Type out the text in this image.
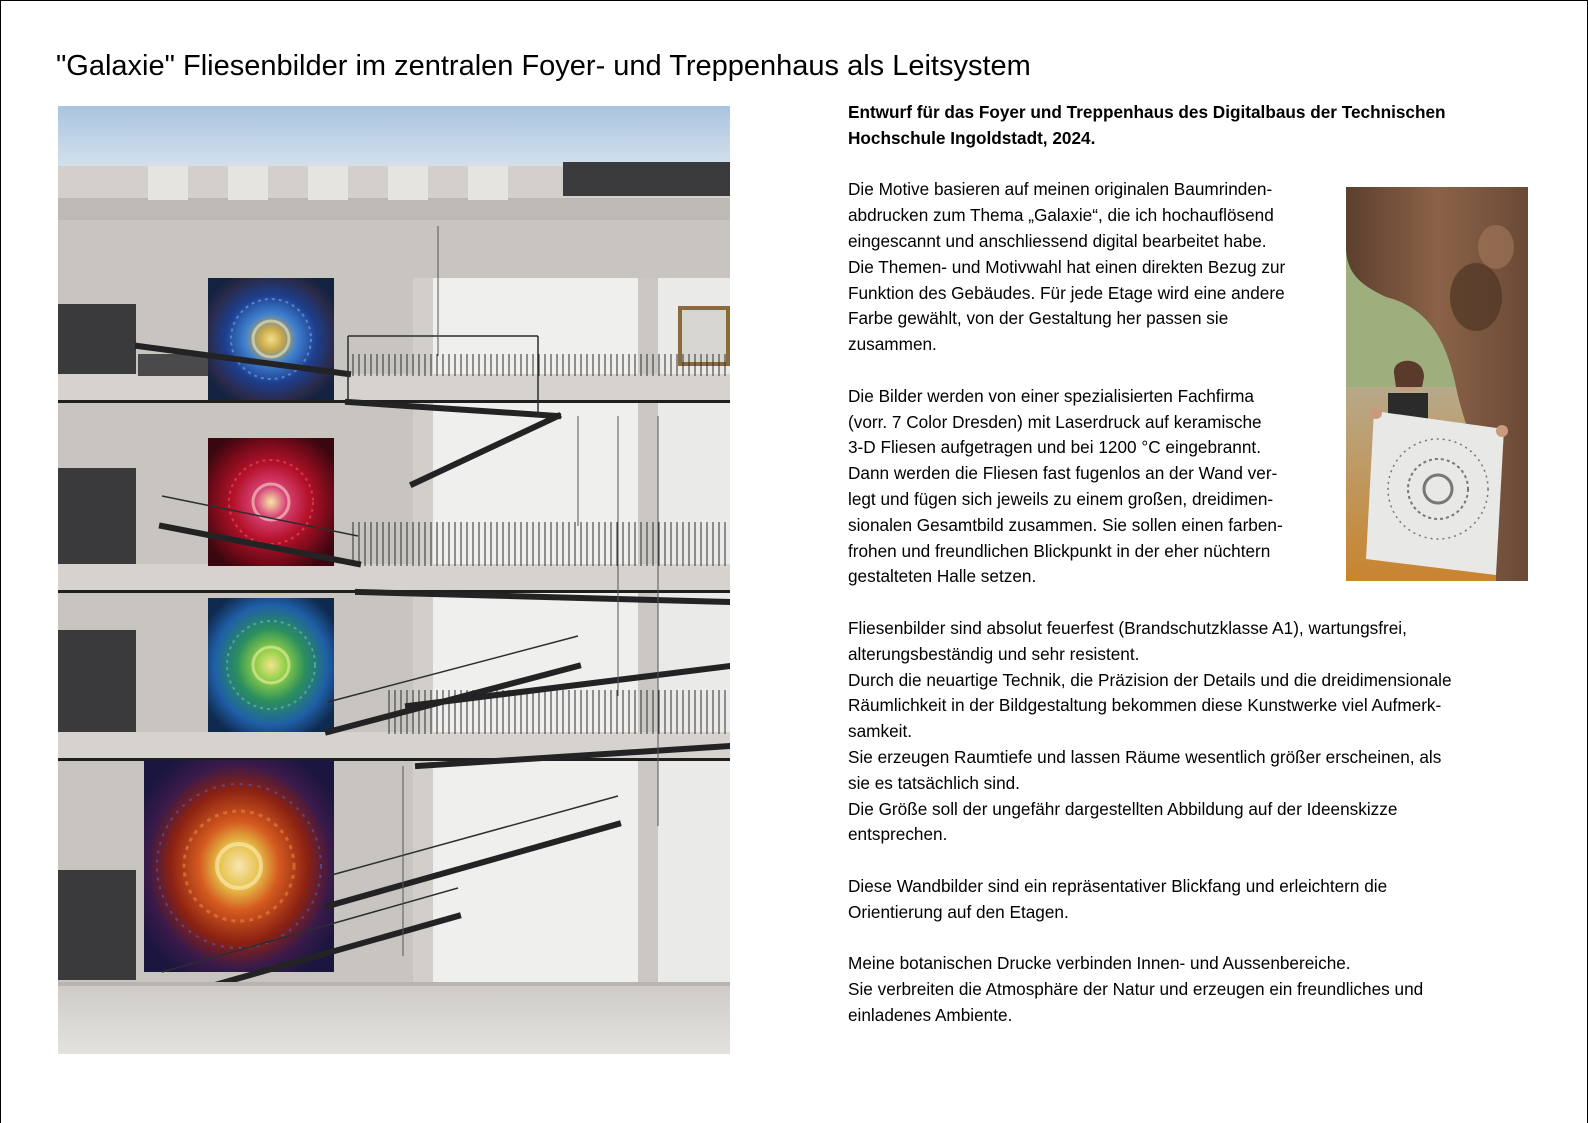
"Galaxie" Fliesenbilder im zentralen Foyer- und Treppenhaus als Leitsystem
Entwurf für das Foyer und Treppenhaus des Digitalbaus der Technischen
Hochschule Ingoldstadt, 2024.
Die Motive basieren auf meinen originalen Baumrinden-
abdrucken zum Thema „Galaxie“, die ich hochauflösend
eingescannt und anschliessend digital bearbeitet habe.
Die Themen- und Motivwahl hat einen direkten Bezug zur
Funktion des Gebäudes. Für jede Etage wird eine andere
Farbe gewählt, von der Gestaltung her passen sie
zusammen.
Die Bilder werden von einer spezialisierten Fachfirma
(vorr. 7 Color Dresden) mit Laserdruck auf keramische
3-D Fliesen aufgetragen und bei 1200 °C eingebrannt.
Dann werden die Fliesen fast fugenlos an der Wand ver-
legt und fügen sich jeweils zu einem großen, dreidimen-
sionalen Gesamtbild zusammen. Sie sollen einen farben-
frohen und freundlichen Blickpunkt in der eher nüchtern
gestalteten Halle setzen.
Fliesenbilder sind absolut feuerfest (Brandschutzklasse A1), wartungsfrei,
alterungsbeständig und sehr resistent.
Durch die neuartige Technik, die Präzision der Details und die dreidimensionale
Räumlichkeit in der Bildgestaltung bekommen diese Kunstwerke viel Aufmerk-
samkeit.
Sie erzeugen Raumtiefe und lassen Räume wesentlich größer erscheinen, als
sie es tatsächlich sind.
Die Größe soll der ungefähr dargestellten Abbildung auf der Ideenskizze
entsprechen.
Diese Wandbilder sind ein repräsentativer Blickfang und erleichtern die
Orientierung auf den Etagen.
Meine botanischen Drucke verbinden Innen- und Aussenbereiche.
Sie verbreiten die Atmosphäre der Natur und erzeugen ein freundliches und
einladenes Ambiente.
